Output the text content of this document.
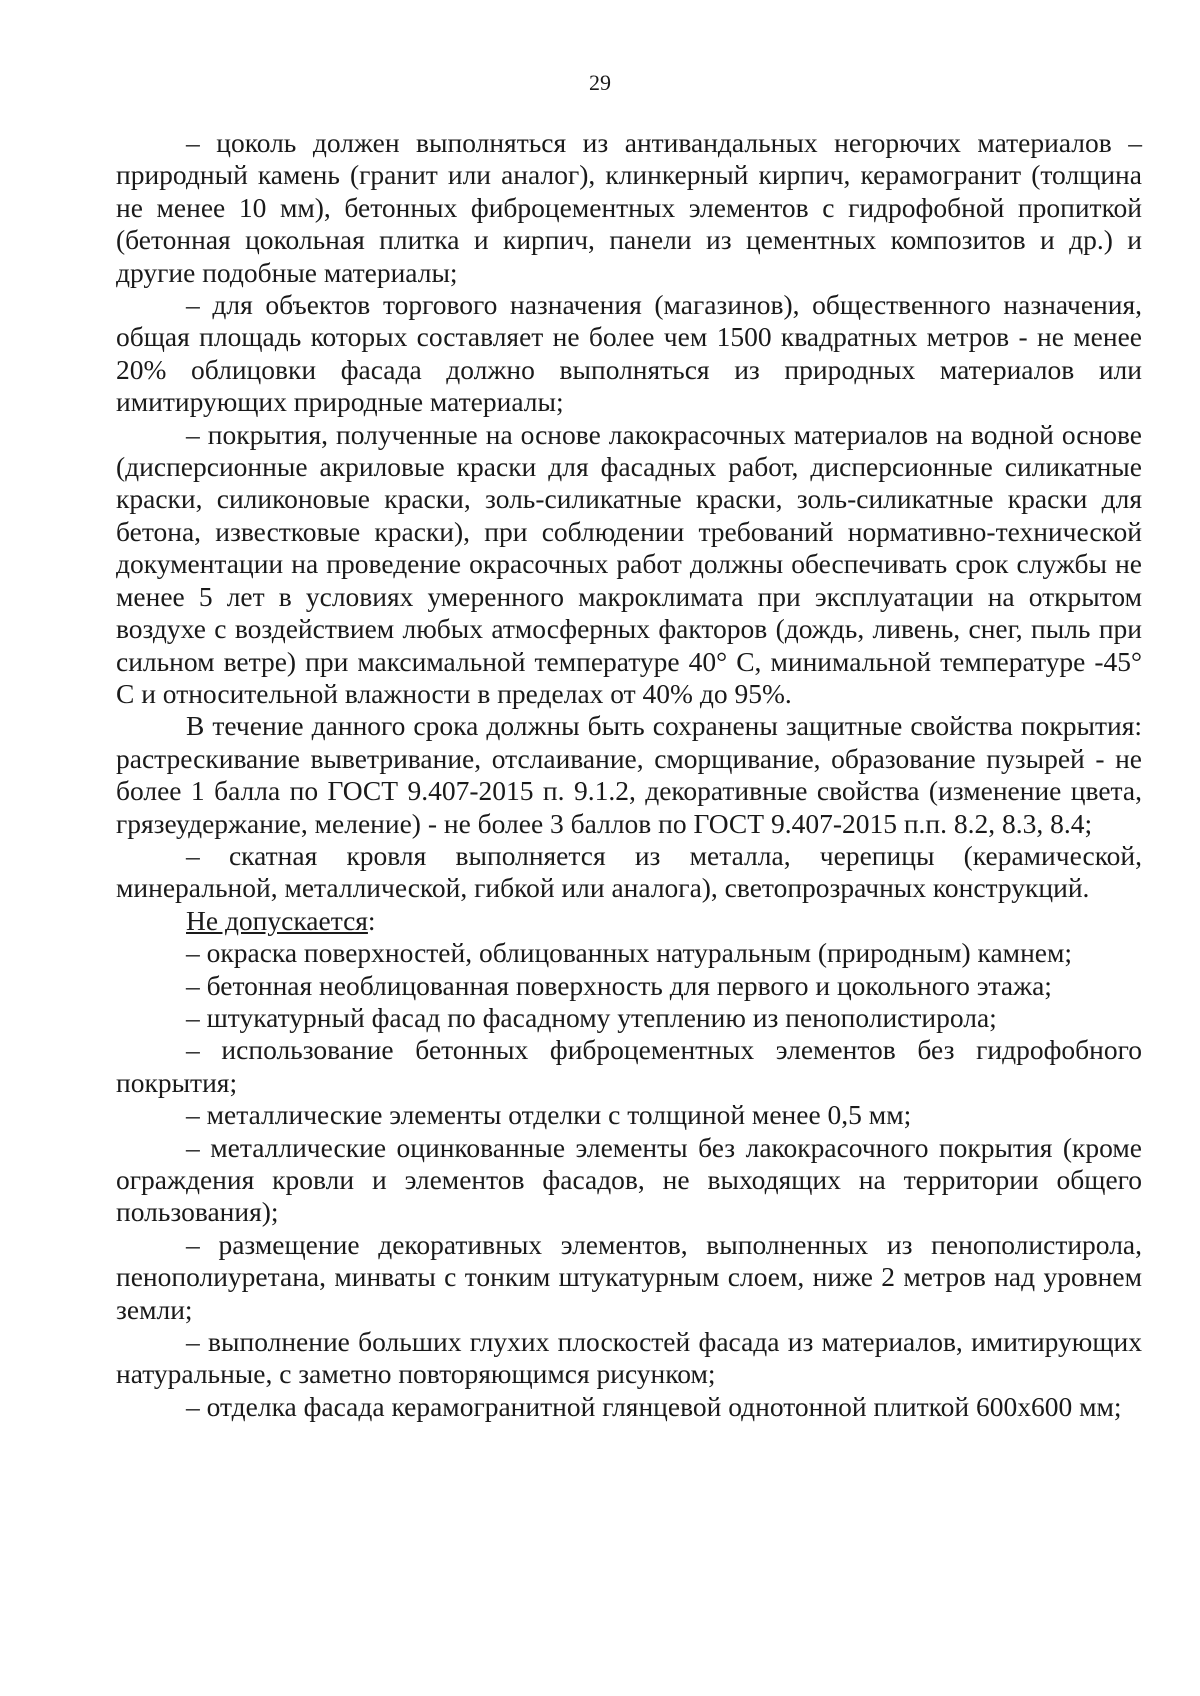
29

– цоколь должен выполняться из антивандальных негорючих материалов – природный камень (гранит или аналог), клинкерный кирпич, керамогранит (толщина не менее 10 мм), бетонных фиброцементных элементов с гидрофобной пропиткой (бетонная цокольная плитка и кирпич, панели из цементных композитов и др.) и другие подобные материалы;

– для объектов торгового назначения (магазинов), общественного назначения, общая площадь которых составляет не более чем 1500 квадратных метров - не менее 20% облицовки фасада должно выполняться из природных материалов или имитирующих природные материалы;

– покрытия, полученные на основе лакокрасочных материалов на водной основе (дисперсионные акриловые краски для фасадных работ, дисперсионные силикатные краски, силиконовые краски, золь-силикатные краски, золь-силикатные краски для бетона, известковые краски), при соблюдении требований нормативно-технической документации на проведение окрасочных работ должны обеспечивать срок службы не менее 5 лет в условиях умеренного макроклимата при эксплуатации на открытом воздухе с воздействием любых атмосферных факторов (дождь, ливень, снег, пыль при сильном ветре) при максимальной температуре 40° С, минимальной температуре -45° С и относительной влажности в пределах от 40% до 95%.

В течение данного срока должны быть сохранены защитные свойства покрытия: растрескивание выветривание, отслаивание, сморщивание, образование пузырей - не более 1 балла по ГОСТ 9.407-2015 п. 9.1.2, декоративные свойства (изменение цвета, грязеудержание, меление) - не более 3 баллов по ГОСТ 9.407-2015 п.п. 8.2, 8.3, 8.4;

– скатная кровля выполняется из металла, черепицы (керамической, минеральной, металлической, гибкой или аналога), светопрозрачных конструкций.

Не допускается:

– окраска поверхностей, облицованных натуральным (природным) камнем;

– бетонная необлицованная поверхность для первого и цокольного этажа;

– штукатурный фасад по фасадному утеплению из пенополистирола;

– использование бетонных фиброцементных элементов без гидрофобного покрытия;

– металлические элементы отделки с толщиной менее 0,5 мм;

– металлические оцинкованные элементы без лакокрасочного покрытия (кроме ограждения кровли и элементов фасадов, не выходящих на территории общего пользования);

– размещение декоративных элементов, выполненных из пенополистирола, пенополиуретана, минваты с тонким штукатурным слоем, ниже 2 метров над уровнем земли;

– выполнение больших глухих плоскостей фасада из материалов, имитирующих натуральные, с заметно повторяющимся рисунком;

– отделка фасада керамогранитной глянцевой однотонной плиткой 600x600 мм;
